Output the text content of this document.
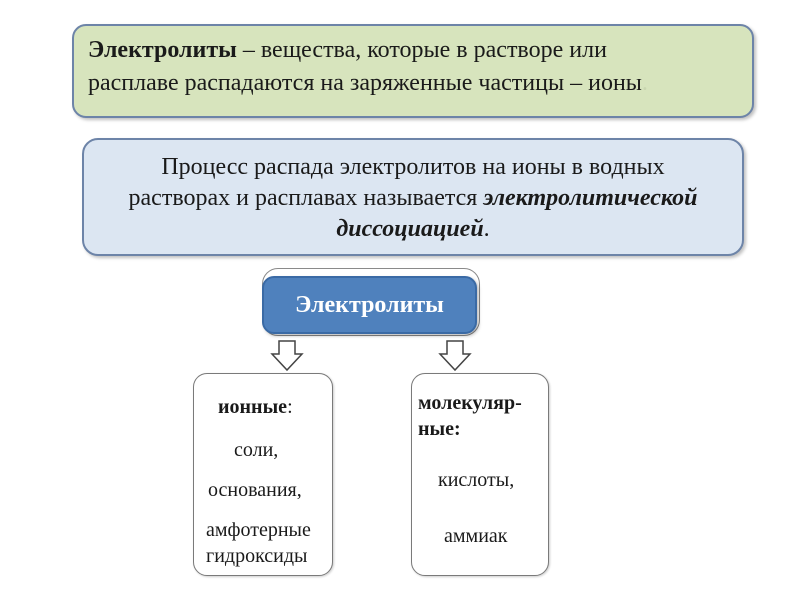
Электролиты – вещества, которые в растворе или
расплаве распадаются на заряженные частицы – ионы.
Процесс распада электролитов на ионы в водных
растворах и расплавах называется электролитической
диссоциацией.
Электролиты
ионные:
соли,
основания,
амфотерные
гидроксиды
молекуляр-
ные:
кислоты,
аммиак
